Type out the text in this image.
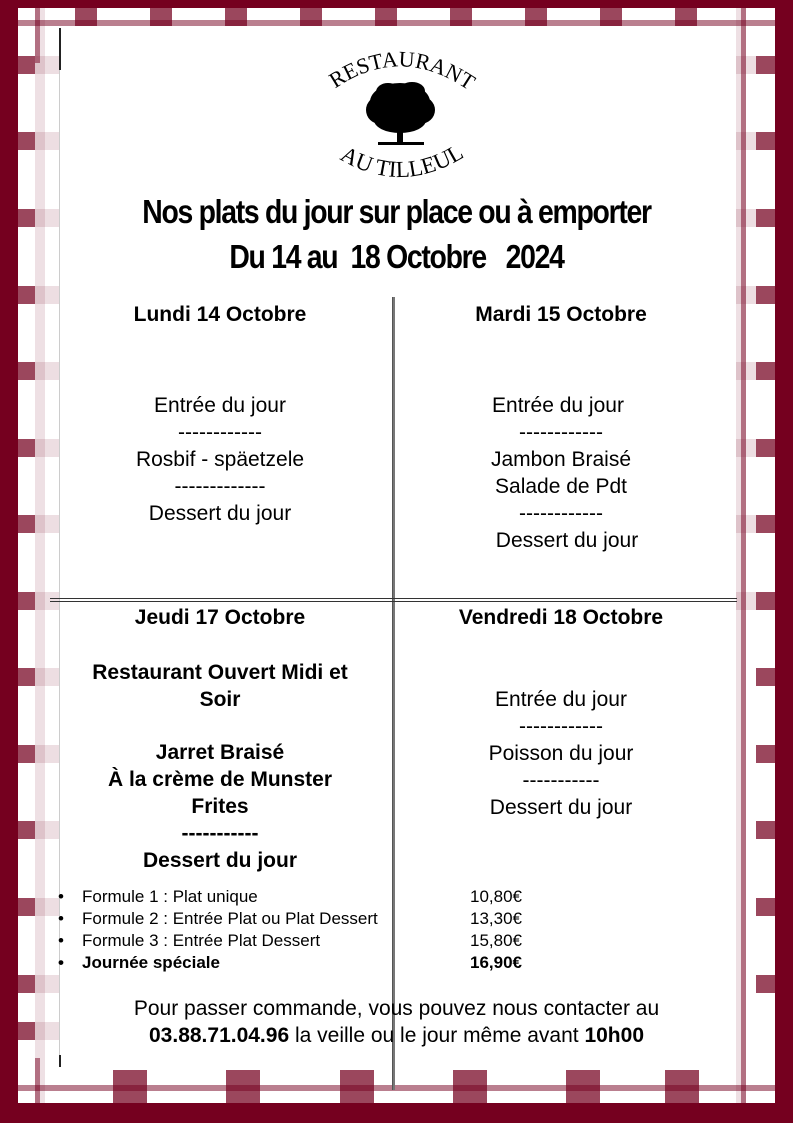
RESTAURANT
AU TILLEUL
Nos plats du jour sur place ou à emporter
Du 14 au  18 Octobre   2024
Lundi 14 Octobre
Entrée du jour
------------
Rosbif - späetzele
-------------
Dessert du jour
Mardi 15 Octobre
Entrée du jour
------------
Jambon Braisé
Salade de Pdt
------------
Dessert du jour
Jeudi 17 Octobre
Restaurant Ouvert Midi et
Soir
Jarret Braisé
À la crème de Munster
Frites
-----------
Dessert du jour
Vendredi 18 Octobre
Entrée du jour
------------
Poisson du jour
-----------
Dessert du jour
• Formule 1 : Plat unique	10,80€
• Formule 2 : Entrée Plat ou Plat Dessert	13,30€
• Formule 3 : Entrée Plat Dessert	15,80€
• Journée spéciale	16,90€
Pour passer commande, vous pouvez nous contacter au
03.88.71.04.96 la veille ou le jour même avant 10h00
